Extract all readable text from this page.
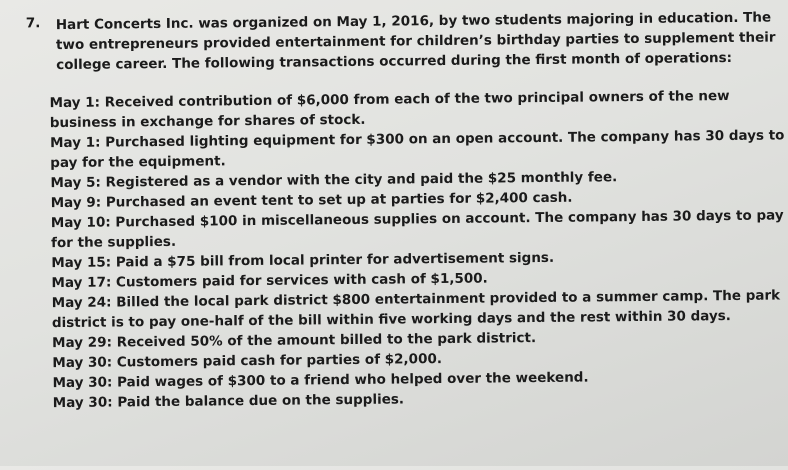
7. Hart Concerts Inc. was organized on May 1, 2016, by two students majoring in education. The
two entrepreneurs provided entertainment for children’s birthday parties to supplement their
college career. The following transactions occurred during the first month of operations:
May 1: Received contribution of $6,000 from each of the two principal owners of the new
business in exchange for shares of stock.
May 1: Purchased lighting equipment for $300 on an open account. The company has 30 days to
pay for the equipment.
May 5: Registered as a vendor with the city and paid the $25 monthly fee.
May 9: Purchased an event tent to set up at parties for $2,400 cash.
May 10: Purchased $100 in miscellaneous supplies on account. The company has 30 days to pay
for the supplies.
May 15: Paid a $75 bill from local printer for advertisement signs.
May 17: Customers paid for services with cash of $1,500.
May 24: Billed the local park district $800 entertainment provided to a summer camp. The park
district is to pay one-half of the bill within five working days and the rest within 30 days.
May 29: Received 50% of the amount billed to the park district.
May 30: Customers paid cash for parties of $2,000.
May 30: Paid wages of $300 to a friend who helped over the weekend.
May 30: Paid the balance due on the supplies.
